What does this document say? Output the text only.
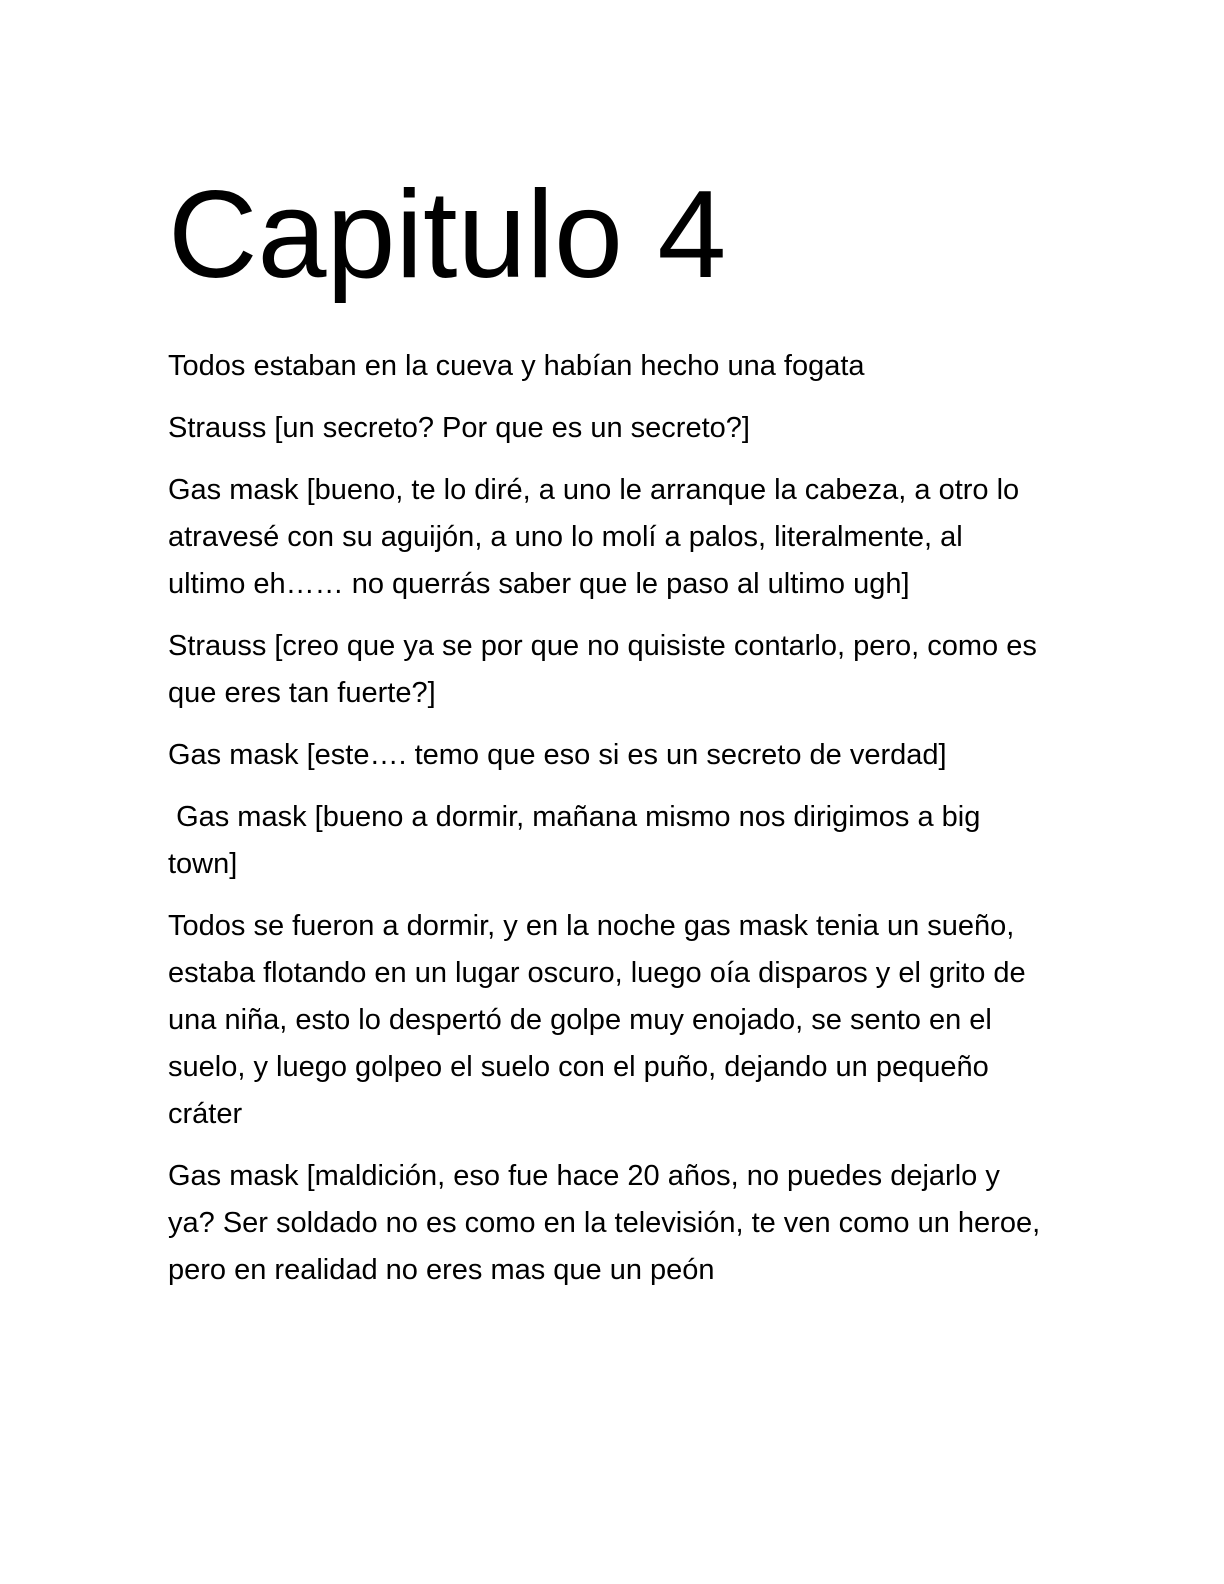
Capitulo 4

Todos estaban en la cueva y habían hecho una fogata

Strauss [un secreto? Por que es un secreto?]

Gas mask [bueno, te lo diré, a uno le arranque la cabeza, a otro lo atravesé con su aguijón, a uno lo molí a palos, literalmente, al ultimo eh…… no querrás saber que le paso al ultimo ugh]

Strauss [creo que ya se por que no quisiste contarlo, pero, como es que eres tan fuerte?]

Gas mask [este…. temo que eso si es un secreto de verdad]

Gas mask [bueno a dormir, mañana mismo nos dirigimos a big town]

Todos se fueron a dormir, y en la noche gas mask tenia un sueño, estaba flotando en un lugar oscuro, luego oía disparos y el grito de una niña, esto lo despertó de golpe muy enojado, se sento en el suelo, y luego golpeo el suelo con el puño, dejando un pequeño cráter

Gas mask [maldición, eso fue hace 20 años, no puedes dejarlo y ya? Ser soldado no es como en la televisión, te ven como un heroe, pero en realidad no eres mas que un peón
